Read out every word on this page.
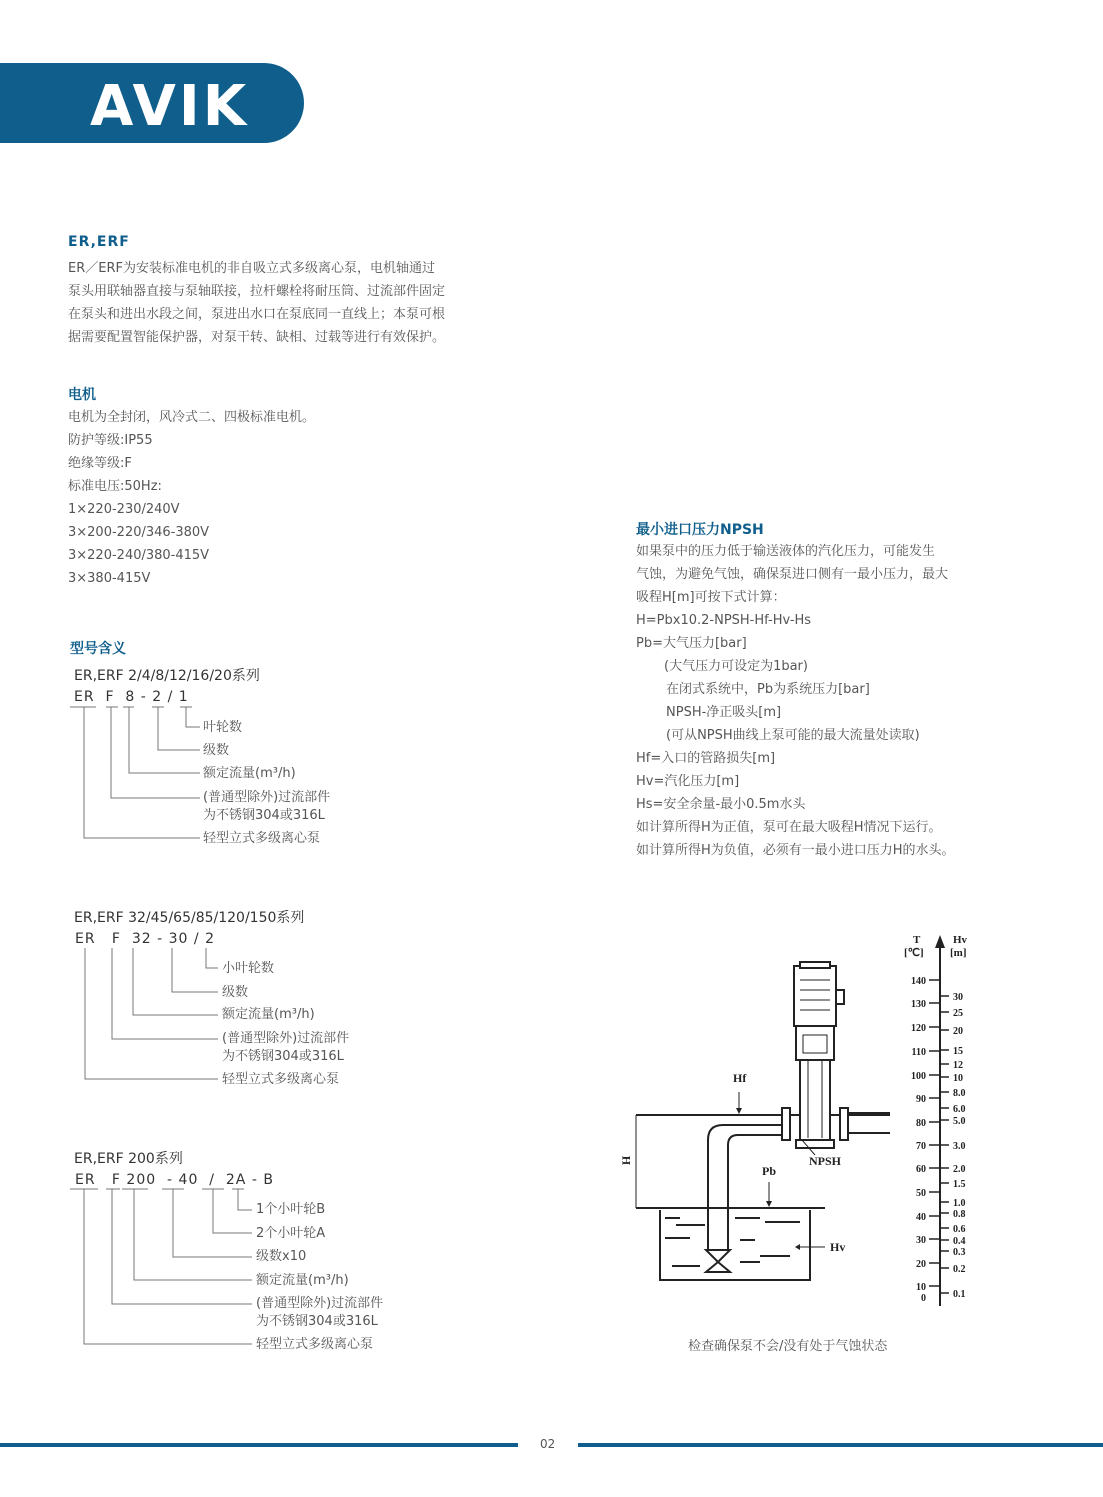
AVIK
ER,ERF
ER／ERF为安装标准电机的非自吸立式多级离心泵，电机轴通过
泵头用联轴器直接与泵轴联接，拉杆螺栓将耐压筒、过流部件固定
在泵头和进出水段之间，泵进出水口在泵底同一直线上；本泵可根
据需要配置智能保护器，对泵干转、缺相、过载等进行有效保护。
电机
电机为全封闭，风冷式二、四极标准电机。
防护等级:IP55
绝缘等级:F
标准电压:50Hz:
1×220-230/240V
3×200-220/346-380V
3×220-240/380-415V
3×380-415V
型号含义
ER,ERF 2/4/8/12/16/20系列
ER  F  8 - 2 / 1
叶轮数
级数
额定流量(m³/h)
(普通型除外)过流部件
为不锈钢304或316L
轻型立式多级离心泵
ER,ERF 32/45/65/85/120/150系列
ER   F  32 - 30 / 2
小叶轮数
级数
额定流量(m³/h)
(普通型除外)过流部件
为不锈钢304或316L
轻型立式多级离心泵
ER,ERF 200系列
ER   F 200  - 40  /  2A - B
1个小叶轮B
2个小叶轮A
级数x10
额定流量(m³/h)
(普通型除外)过流部件
为不锈钢304或316L
轻型立式多级离心泵
最小进口压力NPSH
如果泵中的压力低于输送液体的汽化压力，可能发生
气蚀，为避免气蚀，确保泵进口侧有一最小压力，最大
吸程H[m]可按下式计算：
H=Pbx10.2-NPSH-Hf-Hv-Hs
Pb=大气压力[bar]
(大气压力可设定为1bar)
在闭式系统中，Pb为系统压力[bar]
NPSH-净正吸头[m]
(可从NPSH曲线上泵可能的最大流量处读取)
Hf=入口的管路损失[m]
Hv=汽化压力[m]
Hs=安全余量-最小0.5m水头
如计算所得H为正值，泵可在最大吸程H情况下运行。
如计算所得H为负值，必须有一最小进口压力H的水头。
140
130
120
110
100
90
80
70
60
50
40
30
20
10
0
30
25
20
15
12
10
8.0
6.0
5.0
3.0
2.0
1.5
1.0
0.8
0.6
0.4
0.3
0.2
0.1
Hf
H
Pb
NPSH
Hv
T
[℃]
Hv
[m]
检查确保泵不会/没有处于气蚀状态
02
